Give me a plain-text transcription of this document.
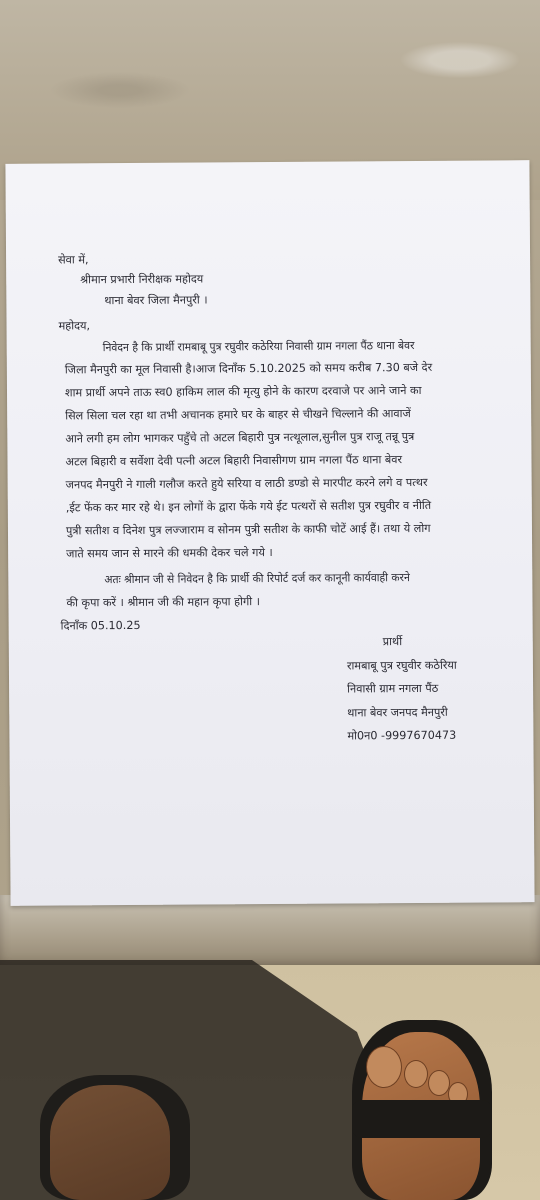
सेवा में,

श्रीमान प्रभारी निरीक्षक महोदय

थाना बेवर जिला मैनपुरी ।

महोदय,

निवेदन है कि प्रार्थी रामबाबू पुत्र रघुवीर कठेरिया निवासी ग्राम नगला पैंठ थाना बेवर

जिला मैनपुरी का मूल निवासी है।आज दिनाँक 5.10.2025 को समय करीब 7.30 बजे देर

शाम प्रार्थी अपने ताऊ स्व0 हाकिम लाल की मृत्यु होने के कारण दरवाजे पर आने जाने का

सिल सिला चल रहा था तभी अचानक हमारे घर के बाहर से चीखने चिल्लाने की आवाजें

आने लगी हम लोग भागकर पहुँचे तो अटल बिहारी पुत्र नत्थूलाल,सुनील पुत्र राजू तन्नू पुत्र

अटल बिहारी व सर्वेशा देवी पत्नी अटल बिहारी निवासीगण ग्राम नगला पैंठ थाना बेवर

जनपद मैनपुरी ने गाली गलौज करते हुये सरिया व लाठी डण्डो से मारपीट करने लगे व पत्थर

,ईट फेंक कर मार रहे थे। इन लोगों के द्वारा फेंके गये ईट पत्थरों से सतीश पुत्र रघुवीर व नीति

पुत्री सतीश व दिनेश पुत्र लज्जाराम व सोनम पुत्री सतीश के काफी चोटें आई हैं। तथा ये लोग

जाते समय जान से मारने की धमकी देकर चले गये ।

अतः श्रीमान जी से निवेदन है कि प्रार्थी की रिपोर्ट दर्ज कर कानूनी कार्यवाही करने

की कृपा करें । श्रीमान जी की महान कृपा होगी ।

दिनाँक 05.10.25

प्रार्थी

रामबाबू पुत्र रघुवीर कठेरिया

निवासी ग्राम नगला पैंठ

थाना बेवर जनपद मैनपुरी

मो0न0 -9997670473
